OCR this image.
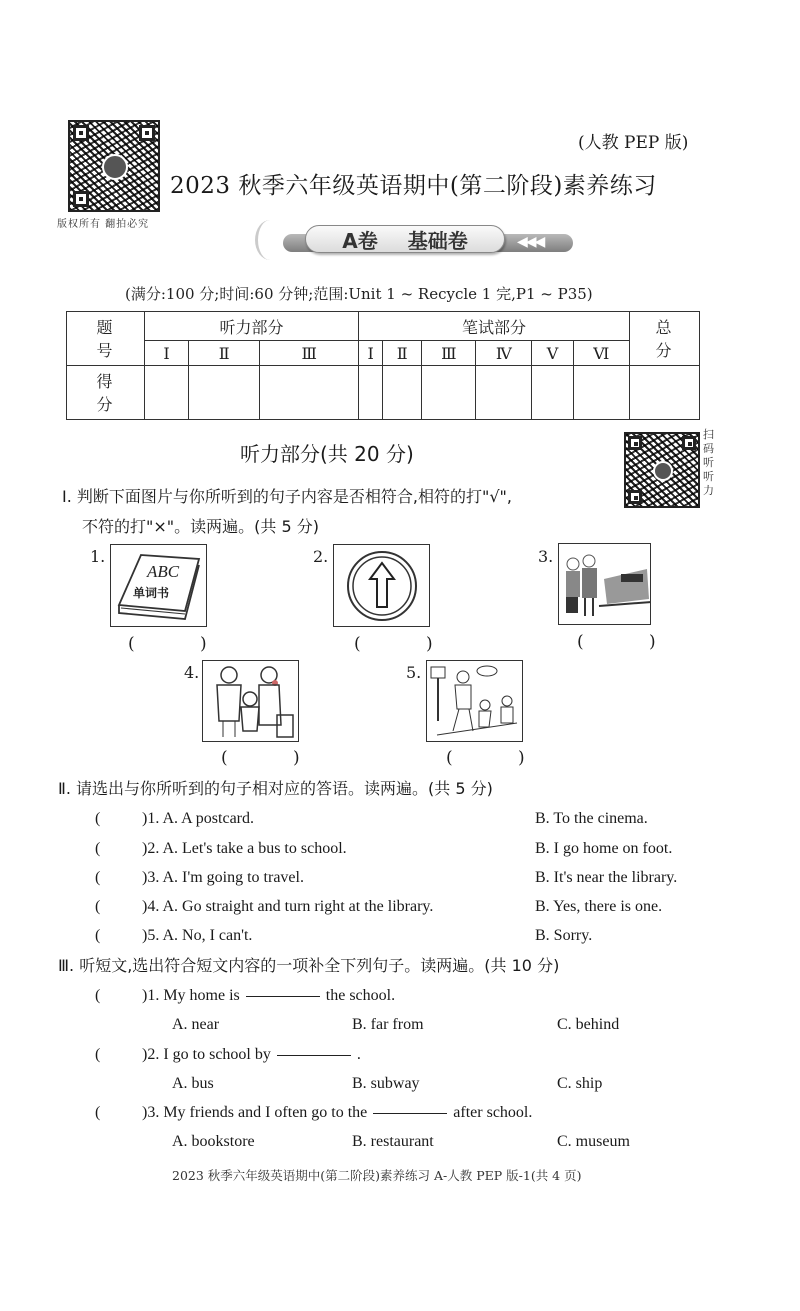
版权所有 翻拍必究
(人教 PEP 版)
2023 秋季六年级英语期中(第二阶段)素养练习
A卷 基础卷	◀◀◀
(满分:100 分;时间:60 分钟;范围:Unit 1 ~ Recycle 1 完,P1 ~ P35)
题 号	听力部分			笔试部分						总 分
	Ⅰ	Ⅱ	Ⅲ	Ⅰ	Ⅱ	Ⅲ	Ⅳ	Ⅴ	Ⅵ	
得 分										
听力部分(共 20 分)
扫码听听力
Ⅰ. 判断下面图片与你所听到的句子内容是否相符合,相符的打"√",
不符的打"×"。读两遍。(共 5 分)
1.
ABC
单词书
( )
2.
( )
3.
( )
4.
( )
5.
( )
Ⅱ. 请选出与你所听到的句子相对应的答语。读两遍。(共 5 分)
(	)1. A. A postcard.	B. To the cinema.
(	)2. A. Let's take a bus to school.	B. I go home on foot.
(	)3. A. I'm going to travel.	B. It's near the library.
(	)4. A. Go straight and turn right at the library.	B. Yes, there is one.
(	)5. A. No, I can't.	B. Sorry.
Ⅲ. 听短文,选出符合短文内容的一项补全下列句子。读两遍。(共 10 分)
(	)1. My home is	the school.
A. near	B. far from	C. behind
(	)2. I go to school by	.
A. bus	B. subway	C. ship
(	)3. My friends and I often go to the	after school.
A. bookstore	B. restaurant	C. museum
2023 秋季六年级英语期中(第二阶段)素养练习 A-人教 PEP 版-1(共 4 页)
